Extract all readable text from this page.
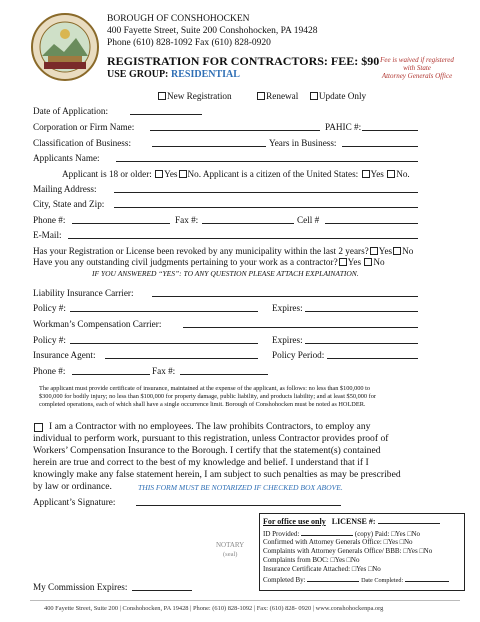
BOROUGH OF CONSHOHOCKEN
400 Fayette Street, Suite 200 Conshohocken, PA 19428
Phone (610) 828-1092 Fax (610) 828-0920
REGISTRATION FOR CONTRACTORS: FEE: $90
USE GROUP: RESIDENTIAL
Fee is waived if registered
with State
Attorney Generals Office
New Registration	Renewal Update Only
Date of Application:
Corporation or Firm Name:	PAHIC #:
Classification of Business:	Years in Business:
Applicants Name:
Applicant is 18 or older: Yes No. Applicant is a citizen of the United States: Yes No.
Mailing Address:
City, State and Zip:
Phone #:	Fax #:	Cell #
E-Mail:
Has your Registration or License been revoked by any municipality within the last 2 years? Yes No
Have you any outstanding civil judgments pertaining to your work as a contractor? Yes No
IF YOU ANSWERED “YES”: TO ANY QUESTION PLEASE ATTACH EXPLAINATION.
Liability Insurance Carrier:
Policy #:	Expires:
Workman’s Compensation Carrier:
Policy #:	Expires:
Insurance Agent:	Policy Period:
Phone #:	Fax #:
The applicant must provide certificate of insurance, maintained at the expense of the applicant, as follows: no less than $100,000 to
$300,000 for bodily injury; no less than $100,000 for property damage, public liability, and products liability; and at least $50,000 for
completed operations, each of which shall have a single occurrence limit. Borough of Conshohocken must be noted as HOLDER.
I am a Contractor with no employees. The law prohibits Contractors, to employ any
individual to perform work, pursuant to this registration, unless Contractor provides proof of
Workers’ Compensation Insurance to the Borough. I certify that the statement(s) contained
herein are true and correct to the best of my knowledge and belief. I understand that if I
knowingly make any false statement herein, I am subject to such penalties as may be prescribed
by law or ordinance.	THIS FORM MUST BE NOTARIZED IF CHECKED BOX ABOVE.
Applicant’s Signature:
NOTARY
(seal)
My Commission Expires:
For office use only LICENSE #:
ID Provided:	(copy) Paid: □Yes □No
Confirmed with Attorney Generals Office: □Yes □No
Complaints with Attorney Generals Office/ BBB: □Yes □No
Complaints from BOC: □Yes □No
Insurance Certificate Attached: □Yes □No
Completed By:	Date Completed:
400 Fayette Street, Suite 200 | Conshohocken, PA 19428 | Phone: (610) 828-1092 | Fax: (610) 828- 0920 | www.conshohockenpa.org
